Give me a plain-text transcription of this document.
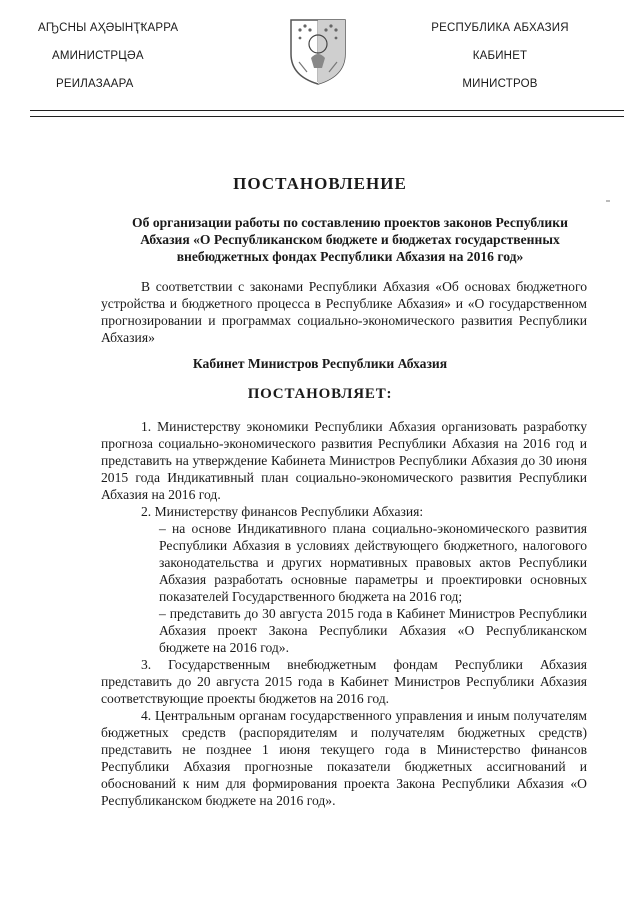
АҦСНЫ АҲӘЫНҬҞАРРА
АМИНИСТРЦӘА
РЕИЛАЗААРА
РЕСПУБЛИКА АБХАЗИЯ
КАБИНЕТ
МИНИСТРОВ
ПОСТАНОВЛЕНИЕ
Об организации работы по составлению проектов законов Республики Абхазия «О Республиканском бюджете и бюджетах государственных внебюджетных фондах Республики Абхазия на 2016 год»
В соответствии с законами Республики Абхазия «Об основах бюджетного устройства и бюджетного процесса в Республике Абхазия» и «О государственном прогнозировании и программах социально-экономического развития Республики Абхазия»
Кабинет Министров Республики Абхазия
ПОСТАНОВЛЯЕТ:

1. Министерству экономики Республики Абхазия организовать разработку прогноза социально-экономического развития Республики Абхазия на 2016 год и представить на утверждение Кабинета Министров Республики Абхазия до 30 июня 2015 года Индикативный план социально-экономического развития Республики Абхазия на 2016 год.

2. Министерству финансов Республики Абхазия:

– на основе Индикативного плана социально-экономического развития Республики Абхазия в условиях действующего бюджетного, налогового законодательства и других нормативных правовых актов Республики Абхазия разработать основные параметры и проектировки основных показателей Государственного бюджета на 2016 год;

– представить до 30 августа 2015 года в Кабинет Министров Республики Абхазия проект Закона Республики Абхазия «О Республиканском бюджете на 2016 год».

3. Государственным внебюджетным фондам Республики Абхазия представить до 20 августа 2015 года в Кабинет Министров Республики Абхазия соответствующие проекты бюджетов на 2016 год.

4. Центральным органам государственного управления и иным получателям бюджетных средств (распорядителям и получателям бюджетных средств) представить не позднее 1 июня текущего года в Министерство финансов Республики Абхазия прогнозные показатели бюджетных ассигнований и обоснований к ним для формирования проекта Закона Республики Абхазия «О Республиканском бюджете на 2016 год».
